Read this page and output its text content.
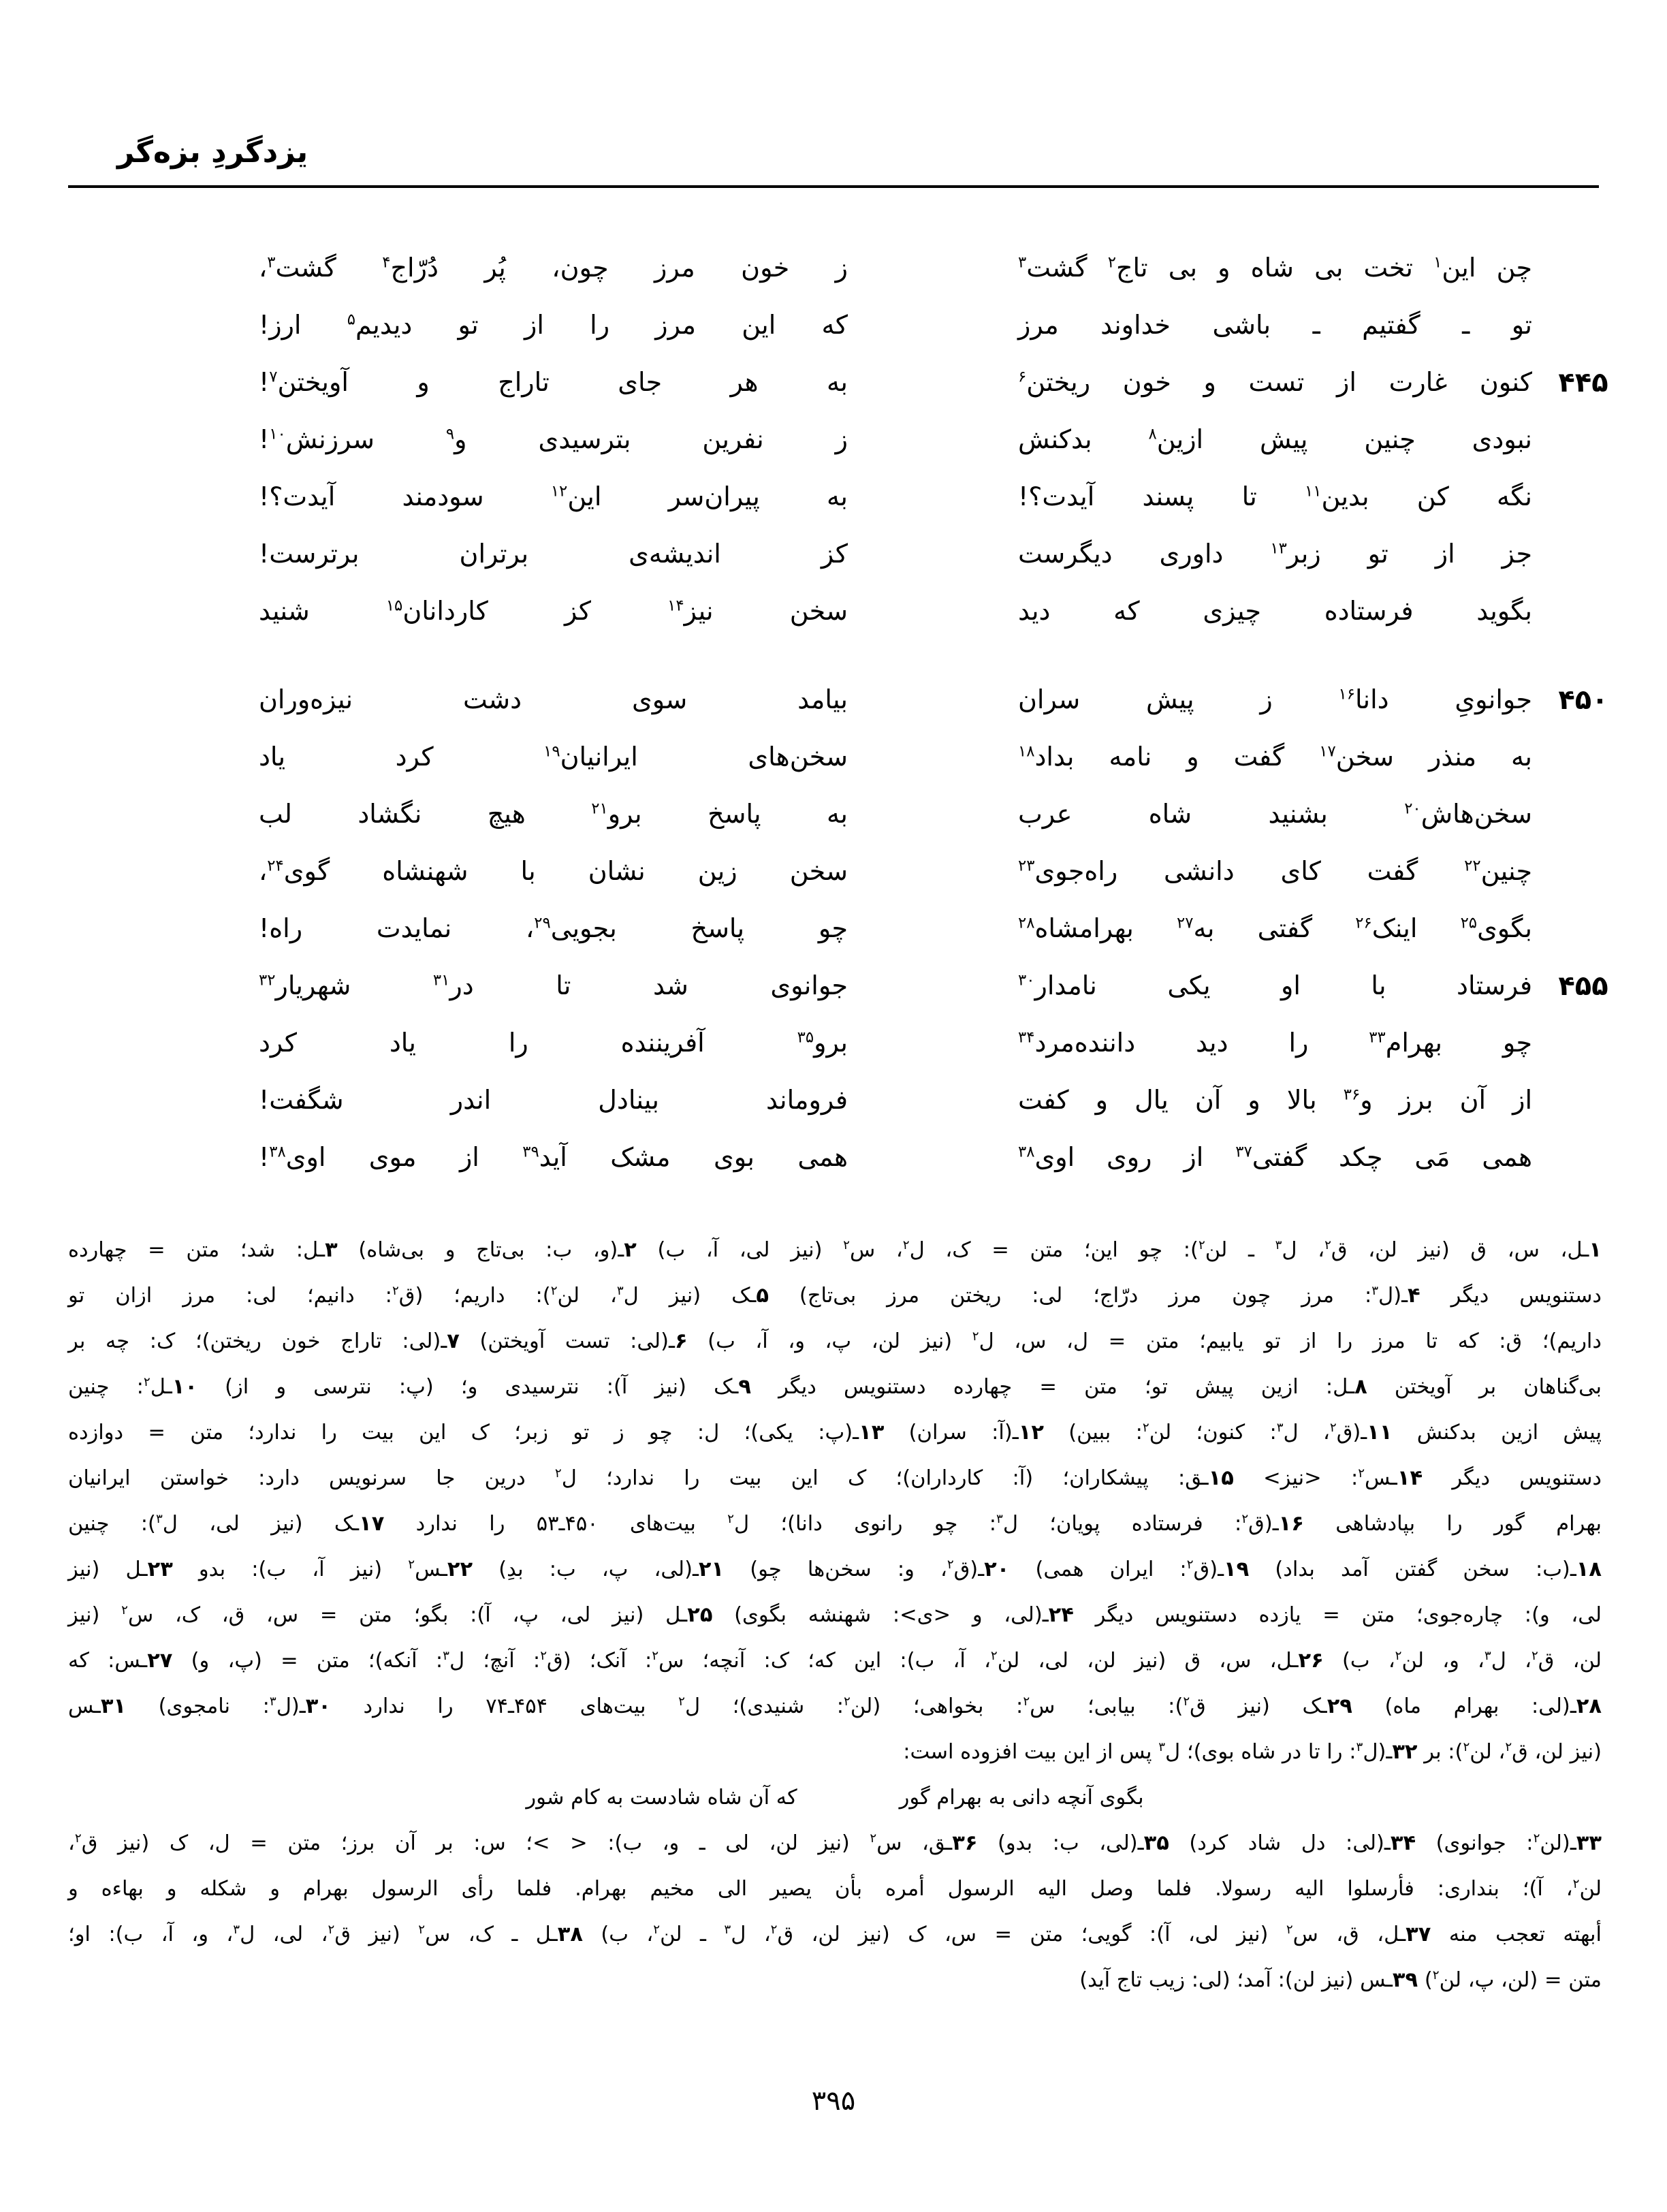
یزدگردِ بزه‌گر
چن این$^۱$ تخت بی شاه و بی تاج$^۲$ گشت$^۳$
ز خون مرز چون، پُر دُرّاج$^۴$ گشت$^۳$،
تو ـ گفتیم ـ باشی خداوند مرز
که این مرز را از تو دیدیم$^۵$ ارز!
۴۴۵
کنون غارت از تست و خون ریختن$^۶$
به هر جای تاراج و آویختن$^۷$!
نبودی چنین پیش ازین$^۸$ بدکنش
ز نفرین بترسیدی و$^۹$ سرزنش$^{۱۰}$!
نگه کن بدین$^{۱۱}$ تا پسند آیدت؟!
به پیران‌سر این$^{۱۲}$ سودمند آیدت؟!
جز از تو زبر$^{۱۳}$ داوری دیگرست
کز اندیشه‌ی برتران برترست!
بگوید فرستاده چیزی که دید
سخن نیز$^{۱۴}$ کز کاردانان$^{۱۵}$ شنید
۴۵۰
جوانویِ دانا$^{۱۶}$ ز پیش سران
بیامد سوی دشت نیزه‌وران
به منذر سخن$^{۱۷}$ گفت و نامه بداد$^{۱۸}$
سخن‌های ایرانیان$^{۱۹}$ کرد یاد
سخن‌هاش$^{۲۰}$ بشنید شاه عرب
به پاسخ برو$^{۲۱}$ هیچ نگشاد لب
چنین$^{۲۲}$ گفت کای دانشی راه‌جوی$^{۲۳}$
سخن زین نشان با شهنشاه گوی$^{۲۴}$،
بگوی$^{۲۵}$ اینک$^{۲۶}$ گفتی به$^{۲۷}$ بهرامشاه$^{۲۸}$
چو پاسخ بجویی$^{۲۹}$، نمایدت راه!
۴۵۵
فرستاد با او یکی نامدار$^{۳۰}$
جوانوی شد تا در$^{۳۱}$ شهریار$^{۳۲}$
چو بهرام$^{۳۳}$ را دید داننده‌مرد$^{۳۴}$
برو$^{۳۵}$ آفریننده را یاد کرد
از آن برز و$^{۳۶}$ بالا و آن یال و کفت
فروماند بینادل اندر شگفت!
همی مَی چکد گفتی$^{۳۷}$ از روی اوی$^{۳۸}$
همی بوی مشک آید$^{۳۹}$ از موی اوی$^{۳۸}$!
۱ـل، س، ق (نیز لن، ق$^۲$، ل$^۳$ ـ لن$^۲$): چو این؛ متن = ک، ل$^۲$، س$^۲$ (نیز لی، آ، ب) ۲ـ(و، ب: بی‌تاج و بی‌شاه) ۳ـل: شد؛ متن = چهارده
دستنویس دیگر ۴ـ(ل$^۳$: مرز چون مرز درّاج؛ لی: ریختن مرز بی‌تاج) ۵ـک (نیز ل$^۳$، لن$^۲$): داریم؛ (ق$^۲$: دانیم؛ لی: مرز ازان تو
داریم)؛ ق: که تا مرز را از تو یابیم؛ متن = ل، س، ل$^۲$ (نیز لن، پ، و، آ، ب) ۶ـ(لی: تست آویختن) ۷ـ(لی: تاراج خون ریختن)؛ ک: چه بر
بی‌گناهان بر آویختن ۸ـل: ازین پیش تو؛ متن = چهارده دستنویس دیگر ۹ـک (نیز آ): نترسیدی و؛ (پ: نترسی و از) ۱۰ـل$^۲$: چنین
پیش ازین بدکنش ۱۱ـ(ق$^۲$، ل$^۳$: کنون؛ لن$^۲$: ببین) ۱۲ـ(آ: سران) ۱۳ـ(پ: یکی)؛ ل: چو ز تو زبر؛ ک این بیت را ندارد؛ متن = دوازده
دستنویس دیگر ۱۴ـس$^۲$: <نیز> ۱۵ـق: پیشکاران؛ (آ: کارداران)؛ ک این بیت را ندارد؛ ل$^۲$ درین جا سرنویس دارد: خواستن ایرانیان
بهرام گور را بپادشاهی ۱۶ـ(ق$^۲$: فرستاده پویان؛ ل$^۳$: چو رانوی دانا)؛ ل$^۲$ بیت‌های ۴۵۰ـ۵۳ را ندارد ۱۷ـک (نیز لی، ل$^۳$): چنین
۱۸ـ(ب: سخن گفتن آمد بداد) ۱۹ـ(ق$^۲$: ایران همی) ۲۰ـ(ق$^۲$، و: سخن‌ها چو) ۲۱ـ(لی، پ، ب: بدِ) ۲۲ـس$^۲$ (نیز آ، ب): بدو ۲۳ـل (نیز
لی، و): چاره‌جوی؛ متن = یازده دستنویس دیگر ۲۴ـ(لی، و <ی>: شهنشه بگوی) ۲۵ـل (نیز لی، پ، آ): بگو؛ متن = س، ق، ک، س$^۲$ (نیز
لن، ق$^۲$، ل$^۳$، و، لن$^۲$، ب) ۲۶ـل، س، ق (نیز لن، لی، لن$^۲$، آ، ب): این که؛ ک: آنچه؛ س$^۲$: آنک؛ (ق$^۲$: آنچ؛ ل$^۳$: آنکه)؛ متن = (پ، و) ۲۷ـس: که
۲۸ـ(لی: بهرام ماه) ۲۹ـک (نیز ق$^۲$): بیابی؛ س$^۲$: بخواهی؛ (لن$^۲$: شنیدی)؛ ل$^۲$ بیت‌های ۴۵۴ـ۷۴ را ندارد ۳۰ـ(ل$^۳$: نامجوی) ۳۱ـس
(نیز لن، ق$^۲$، لن$^۲$): بر ۳۲ـ(ل$^۳$: را تا در شاه بوی)؛ ل$^۳$ پس از این بیت افزوده است:
بگوی آنچه دانی به بهرام گور
که آن شاه شادست به کام شور
۳۳ـ(لن$^۲$: جوانوی) ۳۴ـ(لی: دل شاد کرد) ۳۵ـ(لی، ب: بدو) ۳۶ـق، س$^۲$ (نیز لن، لی ـ و، ب): < >؛ س: بر آن برز؛ متن = ل، ک (نیز ق$^۲$،
لن$^۲$، آ)؛ بنداری: فأرسلوا الیه رسولا. فلما وصل الیه الرسول أمره بأن یصیر الی مخیم بهرام. فلما رأی الرسول بهرام و شکله و بهاءه و
أبهته تعجب منه ۳۷ـل، ق، س$^۲$ (نیز لی، آ): گویی؛ متن = س، ک (نیز لن، ق$^۲$، ل$^۳$ ـ لن$^۲$، ب) ۳۸ـل ـ ک، س$^۲$ (نیز ق$^۲$، لی، ل$^۳$، و، آ، ب): او؛
متن = (لن، پ، لن$^۲$) ۳۹ـس (نیز لن): آمد؛ (لی: زیب تاج آید)
۳۹۵
